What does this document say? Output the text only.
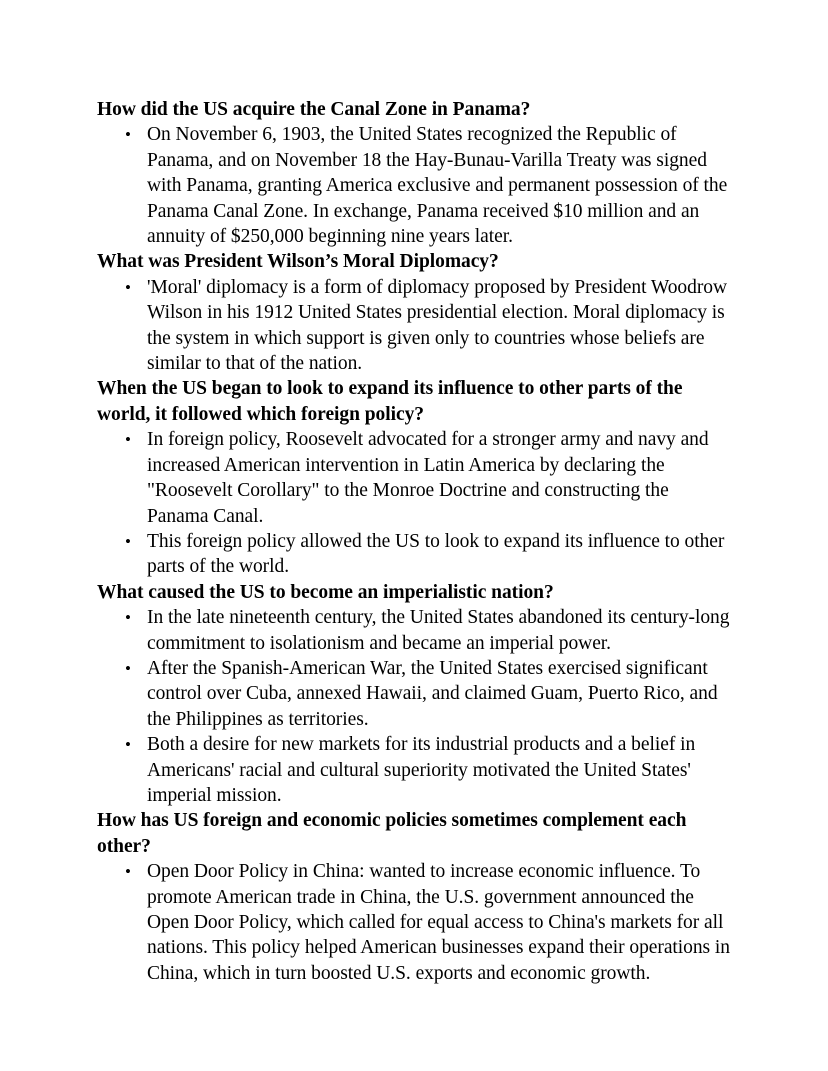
How did the US acquire the Canal Zone in Panama?

• On November 6, 1903, the United States recognized the Republic of Panama, and on November 18 the Hay-Bunau-Varilla Treaty was signed with Panama, granting America exclusive and permanent possession of the Panama Canal Zone. In exchange, Panama received $10 million and an annuity of $250,000 beginning nine years later.

What was President Wilson’s Moral Diplomacy?

• 'Moral' diplomacy is a form of diplomacy proposed by President Woodrow Wilson in his 1912 United States presidential election. Moral diplomacy is the system in which support is given only to countries whose beliefs are similar to that of the nation.

When the US began to look to expand its influence to other parts of the world, it followed which foreign policy?

• In foreign policy, Roosevelt advocated for a stronger army and navy and increased American intervention in Latin America by declaring the "Roosevelt Corollary" to the Monroe Doctrine and constructing the Panama Canal.
• This foreign policy allowed the US to look to expand its influence to other parts of the world.

What caused the US to become an imperialistic nation?

• In the late nineteenth century, the United States abandoned its century-long commitment to isolationism and became an imperial power.
• After the Spanish-American War, the United States exercised significant control over Cuba, annexed Hawaii, and claimed Guam, Puerto Rico, and the Philippines as territories.
• Both a desire for new markets for its industrial products and a belief in Americans' racial and cultural superiority motivated the United States' imperial mission.

How has US foreign and economic policies sometimes complement each other?

• Open Door Policy in China: wanted to increase economic influence. To promote American trade in China, the U.S. government announced the Open Door Policy, which called for equal access to China's markets for all nations. This policy helped American businesses expand their operations in China, which in turn boosted U.S. exports and economic growth.
